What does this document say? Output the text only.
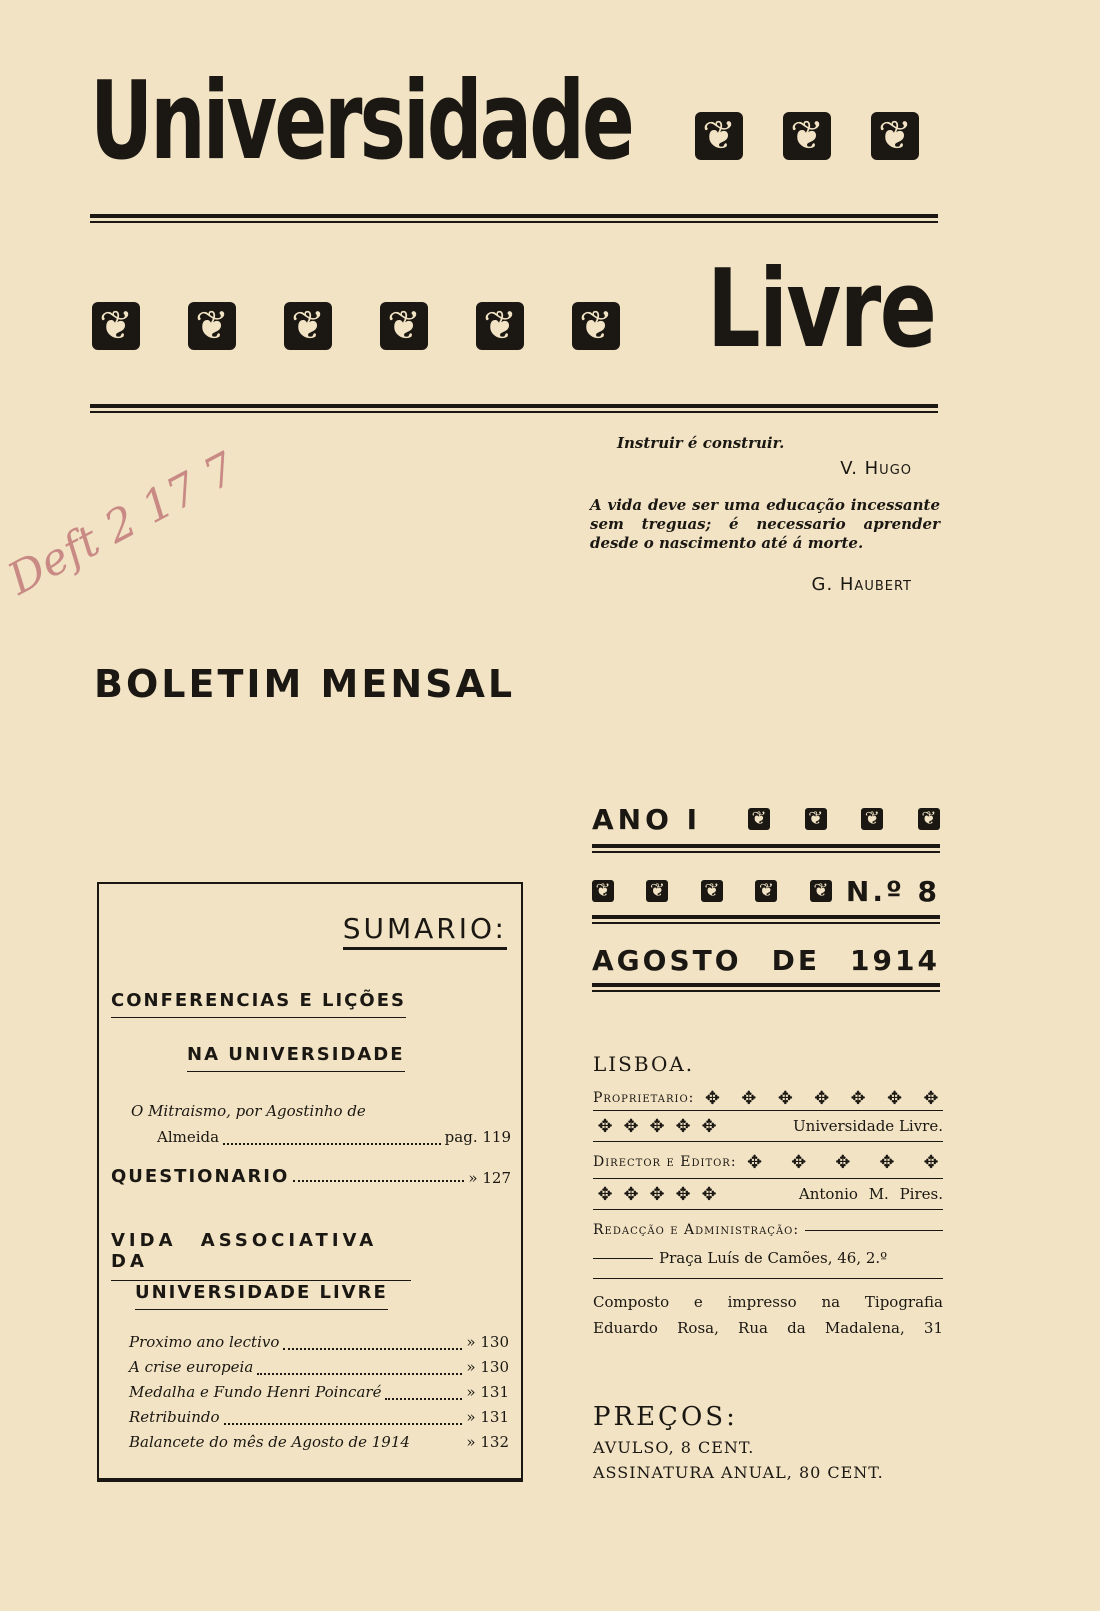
Universidade ❦ ❦ ❦
❦ ❦ ❦ ❦ ❦ ❦ Livre
Instruir é construir.
V. Hugo
A vida deve ser uma educação incessante sem treguas; é necessario aprender desde o nascimento até á morte.
G. Haubert
Deft 2 17 7
BOLETIM MENSAL
ANO I	❦ ❦ ❦ ❦
❦ ❦ ❦ ❦ ❦ N.º 8
AGOSTO DE 1914
SUMARIO:
CONFERENCIAS E LIÇÕES
NA UNIVERSIDADE
O Mitraismo, por Agostinho de
Almeida	pag. 119
QUESTIONARIO	» 127
VIDA ASSOCIATIVA DA
UNIVERSIDADE LIVRE
Proximo ano lectivo	» 130
A crise europeia	» 130
Medalha e Fundo Henri Poincaré	» 131
Retribuindo	» 131
Balancete do mês de Agosto de 1914	» 132
LISBOA.
Proprietario: ✥ ✥ ✥ ✥ ✥ ✥ ✥
✥ ✥ ✥ ✥ ✥	Universidade Livre.
Director e Editor: ✥ ✥ ✥ ✥ ✥
✥ ✥ ✥ ✥ ✥	Antonio M. Pires.
Redacção e Administração:
Praça Luís de Camões, 46, 2.º
Composto e impresso na Tipografia Eduardo Rosa, Rua da Madalena, 31
PREÇOS:
AVULSO, 8 CENT.
ASSINATURA ANUAL, 80 CENT.
